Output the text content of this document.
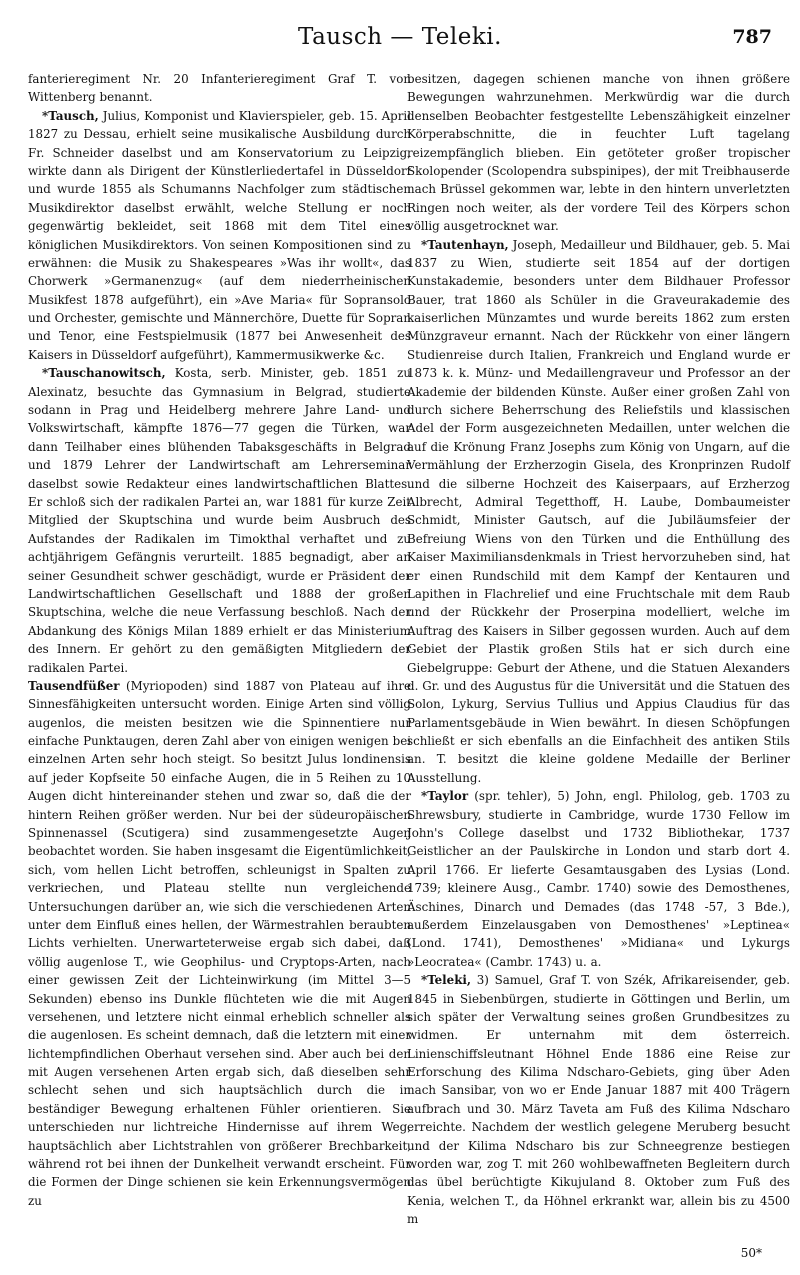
Tausch — Teleki.	787

fanterieregiment Nr. 20 Infanterieregiment Graf T. von Wittenberg benannt.

*Tausch, Julius, Komponist und Klavierspieler, geb. 15. April 1827 zu Dessau, erhielt seine musikalische Ausbildung durch Fr. Schneider daselbst und am Konservatorium zu Leipzig, wirkte dann als Dirigent der Künstlerliedertafel in Düsseldorf und wurde 1855 als Schumanns Nachfolger zum städtischen Musikdirektor daselbst erwählt, welche Stellung er noch gegenwärtig bekleidet, seit 1868 mit dem Titel eines königlichen Musikdirektors. Von seinen Kompositionen sind zu erwähnen: die Musik zu Shakespeares »Was ihr wollt«, das Chorwerk »Germanenzug« (auf dem niederrheinischen Musikfest 1878 aufgeführt), ein »Ave Maria« für Sopransolo und Orchester, gemischte und Männerchöre, Duette für Sopran und Tenor, eine Festspielmusik (1877 bei Anwesenheit des Kaisers in Düsseldorf aufgeführt), Kammermusikwerke &c.

*Tauschanowitsch, Kosta, serb. Minister, geb. 1851 zu Alexinatz, besuchte das Gymnasium in Belgrad, studierte sodann in Prag und Heidelberg mehrere Jahre Land- und Volkswirtschaft, kämpfte 1876—77 gegen die Türken, war dann Teilhaber eines blühenden Tabaksgeschäfts in Belgrad und 1879 Lehrer der Landwirtschaft am Lehrerseminar daselbst sowie Redakteur eines landwirtschaftlichen Blattes. Er schloß sich der radikalen Partei an, war 1881 für kurze Zeit Mitglied der Skuptschina und wurde beim Ausbruch des Aufstandes der Radikalen im Timokthal verhaftet und zu achtjährigem Gefängnis verurteilt. 1885 begnadigt, aber an seiner Gesundheit schwer geschädigt, wurde er Präsident der Landwirtschaftlichen Gesellschaft und 1888 der großen Skuptschina, welche die neue Verfassung beschloß. Nach der Abdankung des Königs Milan 1889 erhielt er das Ministerium des Innern. Er gehört zu den gemäßigten Mitgliedern der radikalen Partei.

Tausendfüßer (Myriopoden) sind 1887 von Plateau auf ihre Sinnesfähigkeiten untersucht worden. Einige Arten sind völlig augenlos, die meisten besitzen wie die Spinnentiere nur einfache Punktaugen, deren Zahl aber von einigen wenigen bei einzelnen Arten sehr hoch steigt. So besitzt Julus londinensis auf jeder Kopfseite 50 einfache Augen, die in 5 Reihen zu 10 Augen dicht hintereinander stehen und zwar so, daß die der hintern Reihen größer werden. Nur bei der südeuropäischen Spinnenassel (Scutigera) sind zusammengesetzte Augen beobachtet worden. Sie haben insgesamt die Eigentümlichkeit, sich, vom hellen Licht betroffen, schleunigst in Spalten zu verkriechen, und Plateau stellte nun vergleichende Untersuchungen darüber an, wie sich die verschiedenen Arten unter dem Einfluß eines hellen, der Wärmestrahlen beraubten Lichts verhielten. Unerwarteterweise ergab sich dabei, daß völlig augenlose T., wie Geophilus- und Cryptops-Arten, nach einer gewissen Zeit der Lichteinwirkung (im Mittel 3—5 Sekunden) ebenso ins Dunkle flüchteten wie die mit Augen versehenen, und letztere nicht einmal erheblich schneller als die augenlosen. Es scheint demnach, daß die letztern mit einer lichtempfindlichen Oberhaut versehen sind. Aber auch bei den mit Augen versehenen Arten ergab sich, daß dieselben sehr schlecht sehen und sich hauptsächlich durch die in beständiger Bewegung erhaltenen Fühler orientieren. Sie unterschieden nur lichtreiche Hindernisse auf ihrem Weg, hauptsächlich aber Lichtstrahlen von größerer Brechbarkeit, während rot bei ihnen der Dunkelheit verwandt erscheint. Für die Formen der Dinge schienen sie kein Erkennungsvermögen zu

besitzen, dagegen schienen manche von ihnen größere Bewegungen wahrzunehmen. Merkwürdig war die durch denselben Beobachter festgestellte Lebenszähigkeit einzelner Körperabschnitte, die in feuchter Luft tagelang reizempfänglich blieben. Ein getöteter großer tropischer Skolopender (Scolopendra subspinipes), der mit Treibhauserde nach Brüssel gekommen war, lebte in den hintern unverletzten Ringen noch weiter, als der vordere Teil des Körpers schon völlig ausgetrocknet war.

*Tautenhayn, Joseph, Medailleur und Bildhauer, geb. 5. Mai 1837 zu Wien, studierte seit 1854 auf der dortigen Kunstakademie, besonders unter dem Bildhauer Professor Bauer, trat 1860 als Schüler in die Graveurakademie des kaiserlichen Münzamtes und wurde bereits 1862 zum ersten Münzgraveur ernannt. Nach der Rückkehr von einer längern Studienreise durch Italien, Frankreich und England wurde er 1873 k. k. Münz- und Medaillengraveur und Professor an der Akademie der bildenden Künste. Außer einer großen Zahl von durch sichere Beherrschung des Reliefstils und klassischen Adel der Form ausgezeichneten Medaillen, unter welchen die auf die Krönung Franz Josephs zum König von Ungarn, auf die Vermählung der Erzherzogin Gisela, des Kronprinzen Rudolf und die silberne Hochzeit des Kaiserpaars, auf Erzherzog Albrecht, Admiral Tegetthoff, H. Laube, Dombaumeister Schmidt, Minister Gautsch, auf die Jubiläumsfeier der Befreiung Wiens von den Türken und die Enthüllung des Kaiser Maximiliansdenkmals in Triest hervorzuheben sind, hat er einen Rundschild mit dem Kampf der Kentauren und Lapithen in Flachrelief und eine Fruchtschale mit dem Raub und der Rückkehr der Proserpina modelliert, welche im Auftrag des Kaisers in Silber gegossen wurden. Auch auf dem Gebiet der Plastik großen Stils hat er sich durch eine Giebelgruppe: Geburt der Athene, und die Statuen Alexanders d. Gr. und des Augustus für die Universität und die Statuen des Solon, Lykurg, Servius Tullius und Appius Claudius für das Parlamentsgebäude in Wien bewährt. In diesen Schöpfungen schließt er sich ebenfalls an die Einfachheit des antiken Stils an. T. besitzt die kleine goldene Medaille der Berliner Ausstellung.

*Taylor (spr. tehler), 5) John, engl. Philolog, geb. 1703 zu Shrewsbury, studierte in Cambridge, wurde 1730 Fellow im John's College daselbst und 1732 Bibliothekar, 1737 Geistlicher an der Paulskirche in London und starb dort 4. April 1766. Er lieferte Gesamtausgaben des Lysias (Lond. 1739; kleinere Ausg., Cambr. 1740) sowie des Demosthenes, Äschines, Dinarch und Demades (das 1748 -57, 3 Bde.), außerdem Einzelausgaben von Demosthenes' »Leptinea« (Lond. 1741), Demosthenes' »Midiana« und Lykurgs »Leocratea« (Cambr. 1743) u. a.

*Teleki, 3) Samuel, Graf T. von Szék, Afrikareisender, geb. 1845 in Siebenbürgen, studierte in Göttingen und Berlin, um sich später der Verwaltung seines großen Grundbesitzes zu widmen. Er unternahm mit dem österreich. Linienschiffsleutnant Höhnel Ende 1886 eine Reise zur Erforschung des Kilima Ndscharo-Gebiets, ging über Aden nach Sansibar, von wo er Ende Januar 1887 mit 400 Trägern aufbrach und 30. März Taveta am Fuß des Kilima Ndscharo erreichte. Nachdem der westlich gelegene Meruberg besucht und der Kilima Ndscharo bis zur Schneegrenze bestiegen worden war, zog T. mit 260 wohlbewaffneten Begleitern durch das übel berüchtigte Kikujuland 8. Oktober zum Fuß des Kenia, welchen T., da Höhnel erkrankt war, allein bis zu 4500 m

50*
